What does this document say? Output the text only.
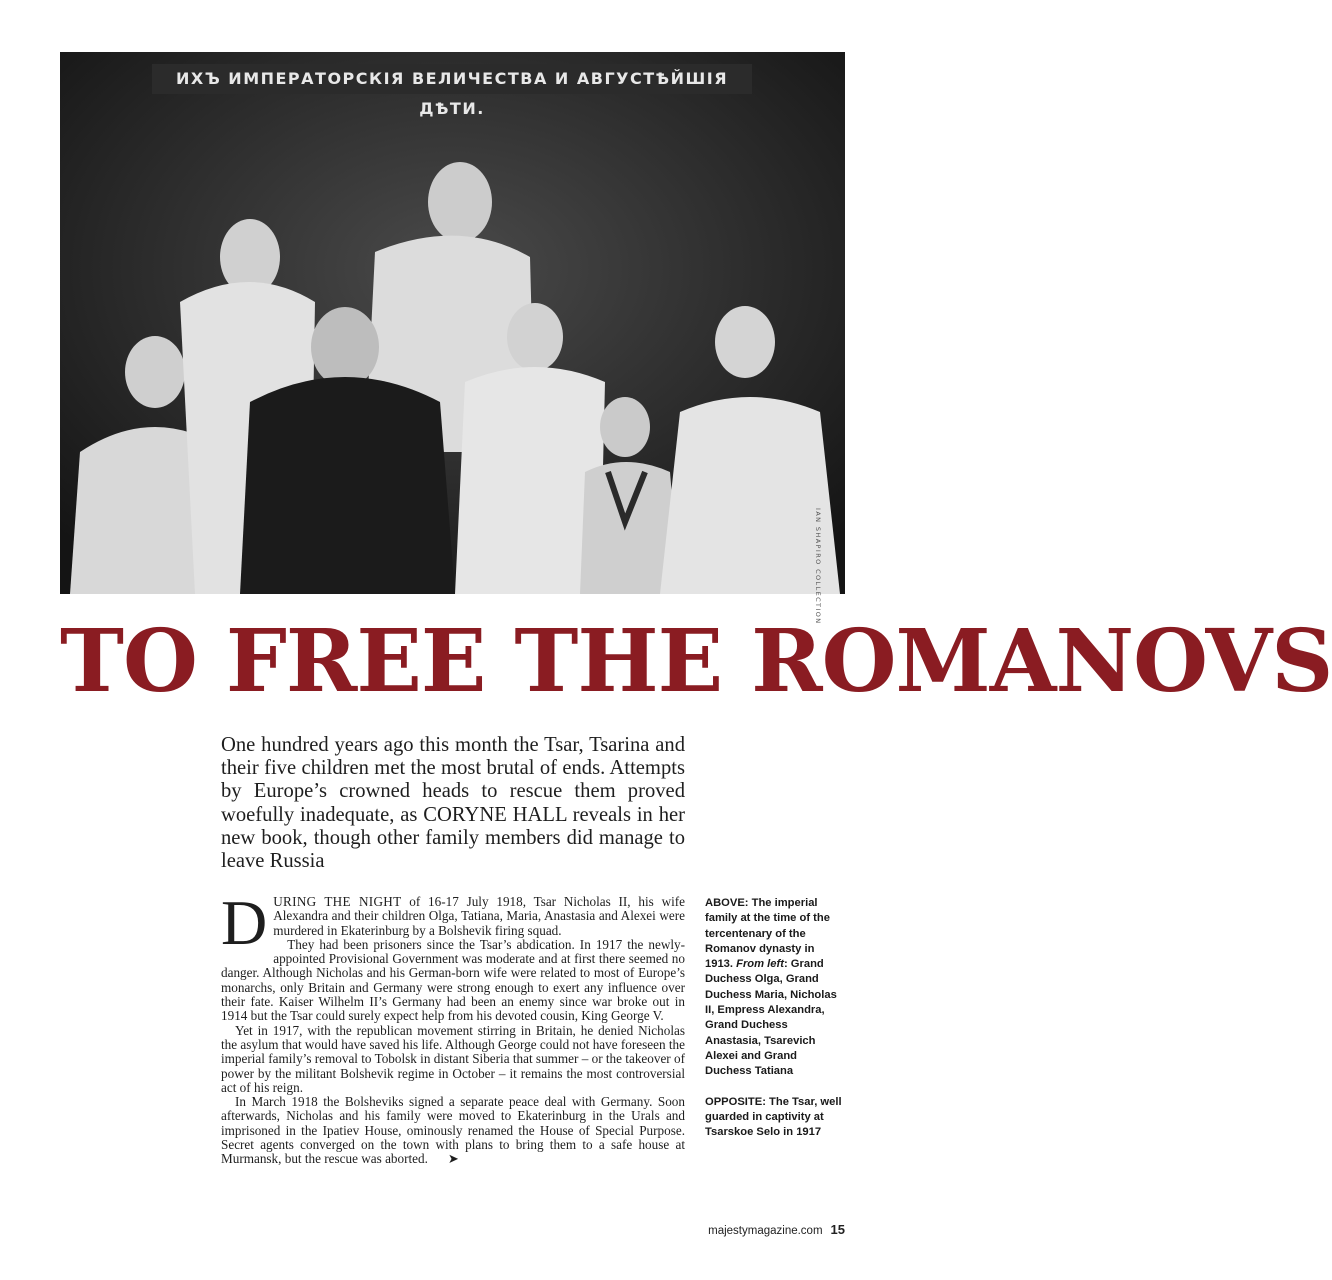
ИХЪ ИМПЕРАТОРСКІЯ ВЕЛИЧЕСТВА И АВГУСТѢЙШІЯ ДѢТИ.
IAN SHAPIRO COLLECTION
TO FREE THE ROMANOVS
One hundred years ago this month the Tsar, Tsarina and their five children met the most brutal of ends. Attempts by Europe’s crowned heads to rescue them proved woefully inadequate, as CORYNE HALL reveals in her new book, though other family members did manage to leave Russia

DURING THE NIGHT of 16-17 July 1918, Tsar Nicholas II, his wife Alexandra and their children Olga, Tatiana, Maria, Anastasia and Alexei were murdered in Ekaterinburg by a Bolshevik firing squad.

They had been prisoners since the Tsar’s abdication. In 1917 the newly-appointed Provisional Government was moderate and at first there seemed no danger. Although Nicholas and his German-born wife were related to most of Europe’s monarchs, only Britain and Germany were strong enough to exert any influence over their fate. Kaiser Wilhelm II’s Germany had been an enemy since war broke out in 1914 but the Tsar could surely expect help from his devoted cousin, King George V.

Yet in 1917, with the republican movement stirring in Britain, he denied Nicholas the asylum that would have saved his life. Although George could not have foreseen the imperial family’s removal to Tobolsk in distant Siberia that summer – or the takeover of power by the militant Bolshevik regime in October – it remains the most controversial act of his reign.

In March 1918 the Bolsheviks signed a separate peace deal with Germany. Soon afterwards, Nicholas and his family were moved to Ekaterinburg in the Urals and imprisoned in the Ipatiev House, ominously renamed the House of Special Purpose. Secret agents converged on the town with plans to bring them to a safe house at Murmansk, but the rescue was aborted. ➤

ABOVE: The imperial family at the time of the tercentenary of the Romanov dynasty in 1913. From left: Grand Duchess Olga, Grand Duchess Maria, Nicholas II, Empress Alexandra, Grand Duchess Anastasia, Tsarevich Alexei and Grand Duchess Tatiana

OPPOSITE: The Tsar, well guarded in captivity at Tsarskoe Selo in 1917

majestymagazine.com 15
